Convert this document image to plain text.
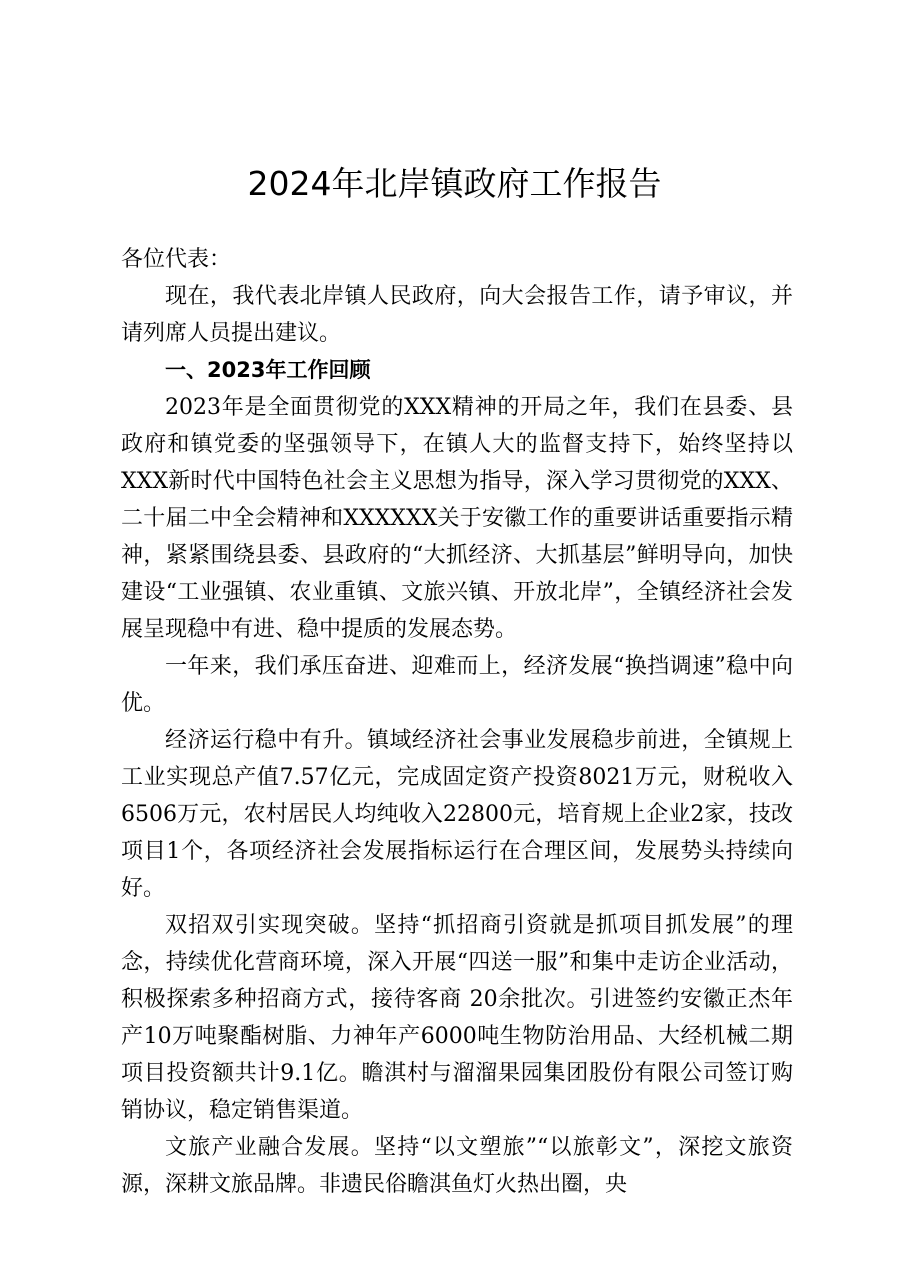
2024年北岸镇政府工作报告

各位代表：

现在，我代表北岸镇人民政府，向大会报告工作，请予审议，并请列席人员提出建议。

一、2023年工作回顾

2023年是全面贯彻党的XXX精神的开局之年，我们在县委、县政府和镇党委的坚强领导下，在镇人大的监督支持下，始终坚持以XXX新时代中国特色社会主义思想为指导，深入学习贯彻党的XXX、二十届二中全会精神和XXXXXX关于安徽工作的重要讲话重要指示精神，紧紧围绕县委、县政府的“大抓经济、大抓基层”鲜明导向，加快建设“工业强镇、农业重镇、文旅兴镇、开放北岸”，全镇经济社会发展呈现稳中有进、稳中提质的发展态势。

一年来，我们承压奋进、迎难而上，经济发展“换挡调速”稳中向优。

经济运行稳中有升。镇域经济社会事业发展稳步前进，全镇规上工业实现总产值7.57亿元，完成固定资产投资8021万元，财税收入6506万元，农村居民人均纯收入22800元，培育规上企业2家，技改项目1个，各项经济社会发展指标运行在合理区间，发展势头持续向好。

双招双引实现突破。坚持“抓招商引资就是抓项目抓发展”的理念，持续优化营商环境，深入开展“四送一服”和集中走访企业活动，积极探索多种招商方式，接待客商 20余批次。引进签约安徽正杰年产10万吨聚酯树脂、力神年产6000吨生物防治用品、大经机械二期项目投资额共计9.1亿。瞻淇村与溜溜果园集团股份有限公司签订购销协议，稳定销售渠道。

文旅产业融合发展。坚持“以文塑旅”“以旅彰文”，深挖文旅资源，深耕文旅品牌。非遗民俗瞻淇鱼灯火热出圈，央
